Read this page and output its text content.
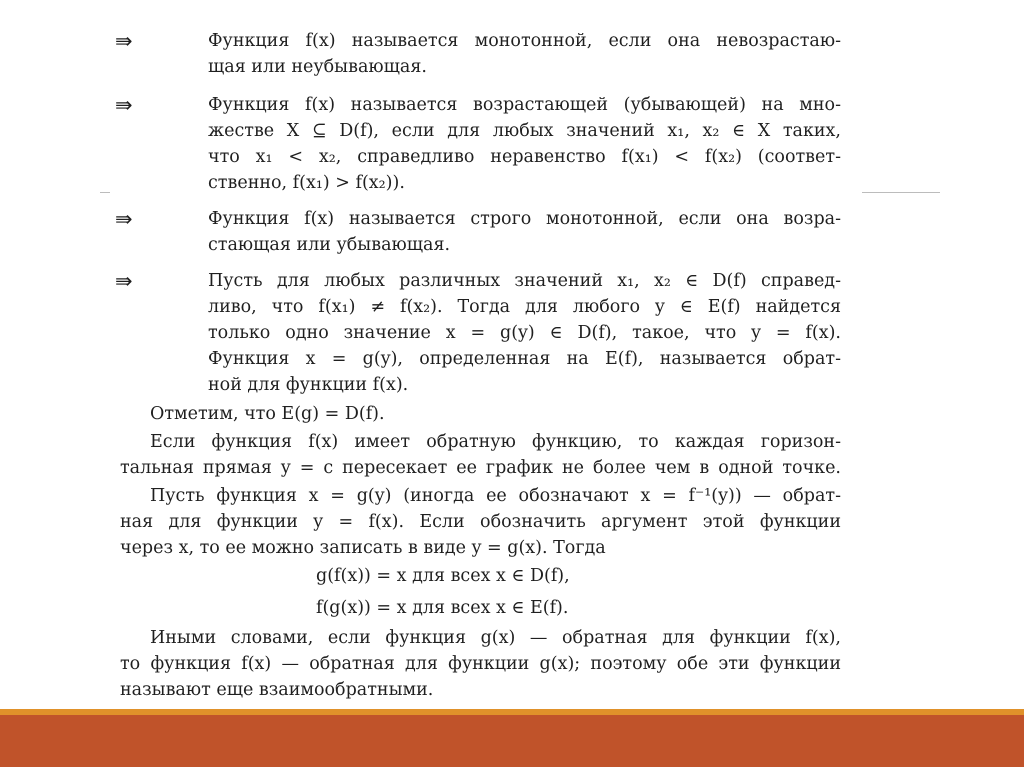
⇛	Функция f(x) называется монотонной, если она невозрастаю-
щая или неубывающая.
⇛	Функция f(x) называется возрастающей (убывающей) на мно-
жестве X ⊆ D(f), если для любых значений x₁, x₂ ∈ X таких,
что x₁ < x₂, справедливо неравенство f(x₁) < f(x₂) (соответ-
ственно, f(x₁) > f(x₂)).
⇛	Функция f(x) называется строго монотонной, если она возра-
стающая или убывающая.
⇛	Пусть для любых различных значений x₁, x₂ ∈ D(f) справед-
ливо, что f(x₁) ≠ f(x₂). Тогда для любого y ∈ E(f) найдется
только одно значение x = g(y) ∈ D(f), такое, что y = f(x).
Функция x = g(y), определенная на E(f), называется обрат-
ной для функции f(x).
Отметим, что E(g) = D(f).
Если функция f(x) имеет обратную функцию, то каждая горизон-
тальная прямая y = c пересекает ее график не более чем в одной точке.
Пусть функция x = g(y) (иногда ее обозначают x = f⁻¹(y)) — обрат-
ная для функции y = f(x). Если обозначить аргумент этой функции
через x, то ее можно записать в виде y = g(x). Тогда
g(f(x)) = x для всех x ∈ D(f),
f(g(x)) = x для всех x ∈ E(f).
Иными словами, если функция g(x) — обратная для функции f(x),
то функция f(x) — обратная для функции g(x); поэтому обе эти функции
называют еще взаимообратными.
